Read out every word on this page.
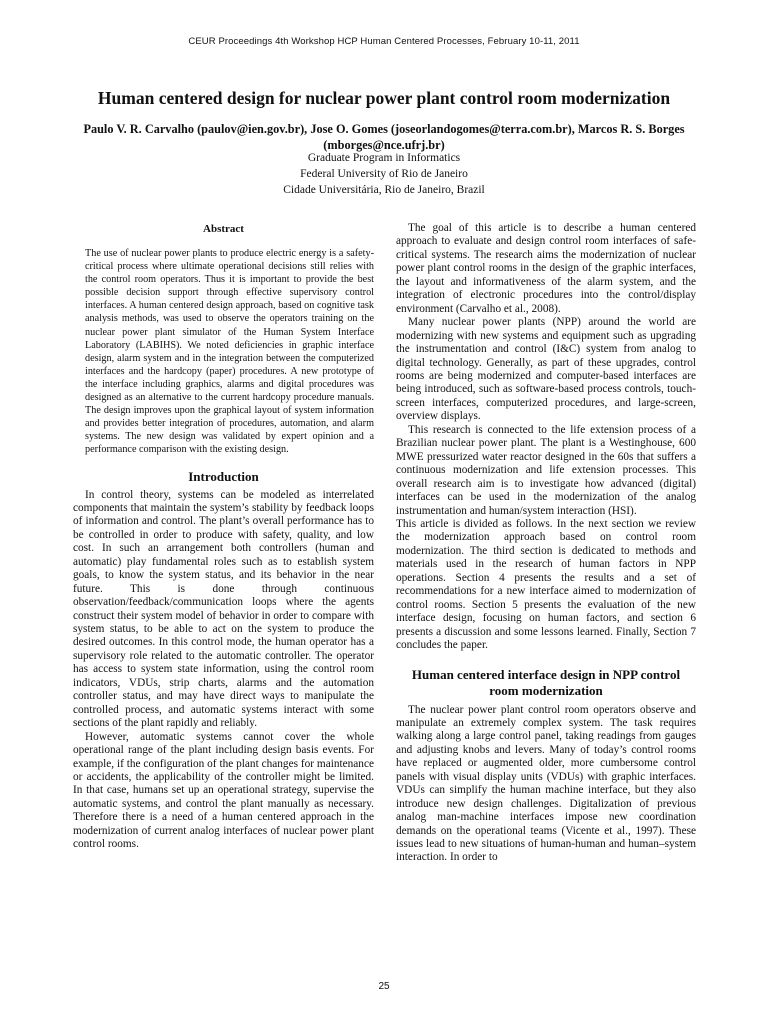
CEUR Proceedings 4th Workshop HCP Human Centered Processes, February 10-11, 2011
Human centered design for nuclear power plant control room modernization
Paulo V. R. Carvalho (paulov@ien.gov.br), Jose O. Gomes (joseorlandogomes@terra.com.br), Marcos R. S. Borges (mborges@nce.ufrj.br)
Graduate Program in Informatics
Federal University of Rio de Janeiro
Cidade Universitária, Rio de Janeiro, Brazil
Abstract

The use of nuclear power plants to produce electric energy is a safety-critical process where ultimate operational decisions still relies with the control room operators. Thus it is important to provide the best possible decision support through effective supervisory control interfaces. A human centered design approach, based on cognitive task analysis methods, was used to observe the operators training on the nuclear power plant simulator of the Human System Interface Laboratory (LABIHS). We noted deficiencies in graphic interface design, alarm system and in the integration between the computerized interfaces and the hardcopy (paper) procedures. A new prototype of the interface including graphics, alarms and digital procedures was designed as an alternative to the current hardcopy procedure manuals. The design improves upon the graphical layout of system information and provides better integration of procedures, automation, and alarm systems. The new design was validated by expert opinion and a performance comparison with the existing design.

Introduction

In control theory, systems can be modeled as interrelated components that maintain the system’s stability by feedback loops of information and control. The plant’s overall performance has to be controlled in order to produce with safety, quality, and low cost. In such an arrangement both controllers (human and automatic) play fundamental roles such as to establish system goals, to know the system status, and its behavior in the near future. This is done through continuous observation/feedback/communication loops where the agents construct their system model of behavior in order to compare with system status, to be able to act on the system to produce the desired outcomes. In this control mode, the human operator has a supervisory role related to the automatic controller. The operator has access to system state information, using the control room indicators, VDUs, strip charts, alarms and the automation controller status, and may have direct ways to manipulate the controlled process, and automatic systems interact with some sections of the plant rapidly and reliably.

However, automatic systems cannot cover the whole operational range of the plant including design basis events. For example, if the configuration of the plant changes for maintenance or accidents, the applicability of the controller might be limited. In that case, humans set up an operational strategy, supervise the automatic systems, and control the plant manually as necessary. Therefore there is a need of a human centered approach in the modernization of current analog interfaces of nuclear power plant control rooms.

The goal of this article is to describe a human centered approach to evaluate and design control room interfaces of safe-critical systems. The research aims the modernization of nuclear power plant control rooms in the design of the graphic interfaces, the layout and informativeness of the alarm system, and the integration of electronic procedures into the control/display environment (Carvalho et al., 2008).

Many nuclear power plants (NPP) around the world are modernizing with new systems and equipment such as upgrading the instrumentation and control (I&C) system from analog to digital technology. Generally, as part of these upgrades, control rooms are being modernized and computer-based interfaces are being introduced, such as software-based process controls, touch-screen interfaces, computerized procedures, and large-screen, overview displays.

This research is connected to the life extension process of a Brazilian nuclear power plant. The plant is a Westinghouse, 600 MWE pressurized water reactor designed in the 60s that suffers a continuous modernization and life extension processes. This overall research aim is to investigate how advanced (digital) interfaces can be used in the modernization of the analog instrumentation and human/system interaction (HSI).

This article is divided as follows. In the next section we review the modernization approach based on control room modernization. The third section is dedicated to methods and materials used in the research of human factors in NPP operations. Section 4 presents the results and a set of recommendations for a new interface aimed to modernization of control rooms. Section 5 presents the evaluation of the new interface design, focusing on human factors, and section 6 presents a discussion and some lessons learned. Finally, Section 7 concludes the paper.

Human centered interface design in NPP control room modernization

The nuclear power plant control room operators observe and manipulate an extremely complex system. The task requires walking along a large control panel, taking readings from gauges and adjusting knobs and levers. Many of today’s control rooms have replaced or augmented older, more cumbersome control panels with visual display units (VDUs) with graphic interfaces. VDUs can simplify the human machine interface, but they also introduce new design challenges. Digitalization of previous analog man-machine interfaces impose new coordination demands on the operational teams (Vicente et al., 1997). These issues lead to new situations of human-human and human–system interaction. In order to

25
